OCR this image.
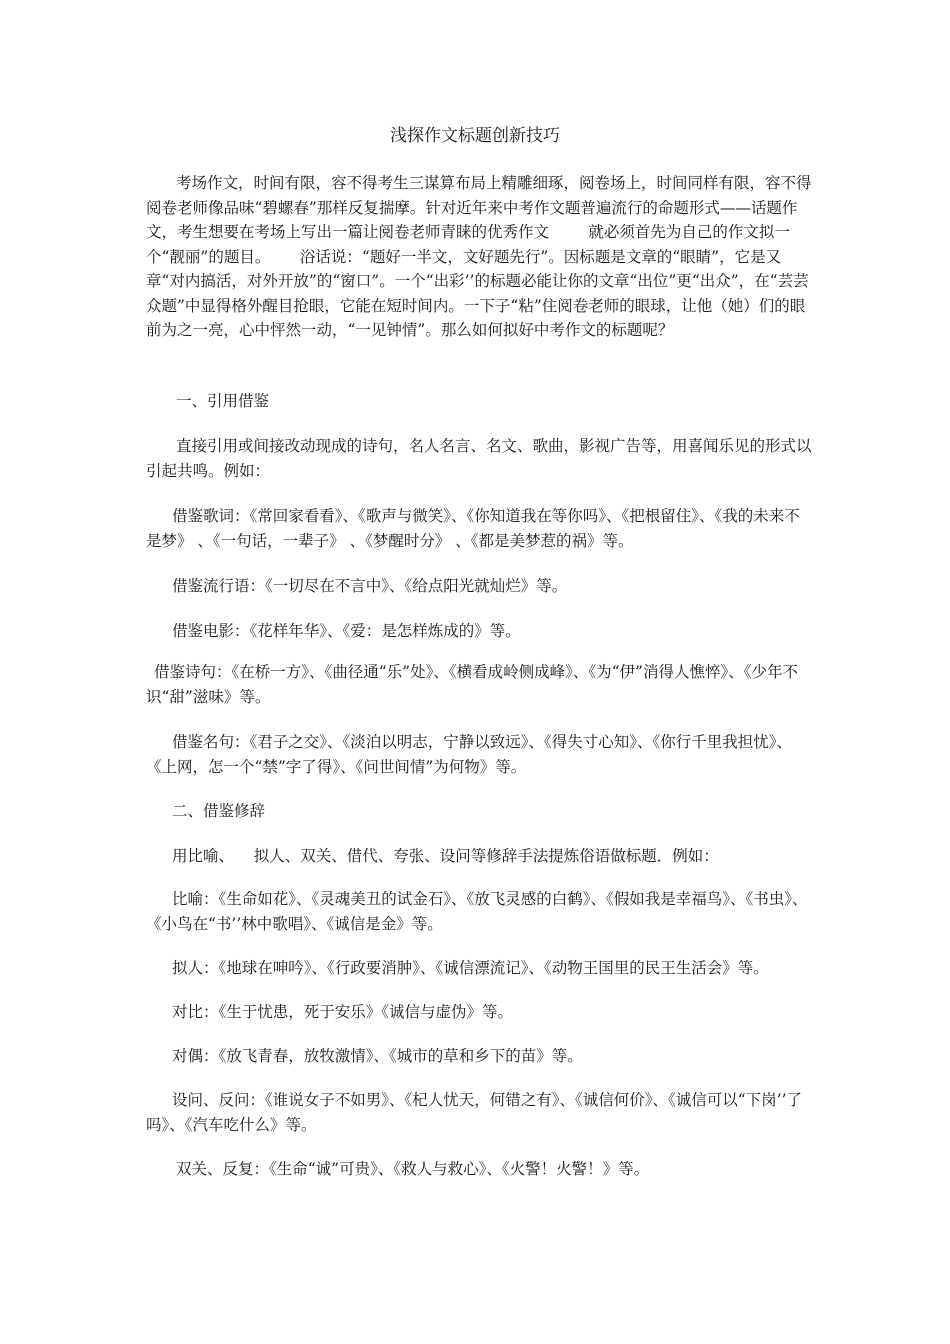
浅探作文标题创新技巧

考场作文，时间有限，容不得考生三谋算布局上精雕细琢，阅卷场上，时间同样有限，容不得阅卷老师像品味“碧螺春”那样反复揣摩。针对近年来中考作文题普遍流行的命题形式——话题作文，考生想要在考场上写出一篇让阅卷老师青睐的优秀作文        就必须首先为自己的作文拟一个“靓丽”的题目。      浴话说：“题好一半文，文好题先行”。因标题是文章的“眼睛”，它是又章“对内搞活，对外开放”的“窗口”。一个“出彩’’的标题必能让你的文章“出位”更“出众”，在“芸芸众题”中显得格外醒目抢眼，它能在短时间内。一下子“粘”住阅卷老师的眼球，让他（她）们的眼前为之一亮，心中怦然一动，“一见钟情”。那么如何拟好中考作文的标题呢？

一、引用借鉴

直接引用或间接改动现成的诗句，名人名言、名文、歌曲，影视广告等，用喜闻乐见的形式以引起共鸣。例如：

借鉴歌词：《常回家看看》、《歌声与微笑》、《你知道我在等你吗》、《把根留住》、《我的未来不是梦》 、《一句话，一辈子》 、《梦醒时分》 、《都是美梦惹的祸》等。

借鉴流行语：《一切尽在不言中》、《给点阳光就灿烂》等。

借鉴电影：《花样年华》、《爱：是怎样炼成的》等。

借鉴诗句：《在桥一方》、《曲径通“乐”处》、《横看成岭侧成峰》、《为“伊”消得人憔悴》、《少年不识“甜”滋味》等。

借鉴名句：《君子之交》、《淡泊以明志，宁静以致远》、《得失寸心知》、《你行千里我担忧》、《上网，怎一个“禁”字了得》、《问世间情”为何物》等。

二、借鉴修辞

用比喻、    拟人、双关、借代、夸张、设问等修辞手法提炼俗语做标题．例如：

比喻：《生命如花》、《灵魂美丑的试金石》、《放飞灵感的白鹤》、《假如我是幸福鸟》、《书虫》、《小鸟在“书’’林中歌唱》、《诚信是金》等。

拟人：《地球在呻吟》、《行政要消肿》、《诚信漂流记》、《动物王国里的民王生活会》等。

对比：《生于忧患，死于安乐》《诚信与虚伪》等。

对偶：《放飞青春，放牧激情》、《城市的草和乡下的苗》等。

设问、反问：《谁说女子不如男》、《杞人忧天，何错之有》、《诚信何价》、《诚信可以“下岗’’了吗》、《汽车吃什么》等。

双关、反复：《生命“诚”可贵》、《救人与救心》、《火警！火警！》等。
